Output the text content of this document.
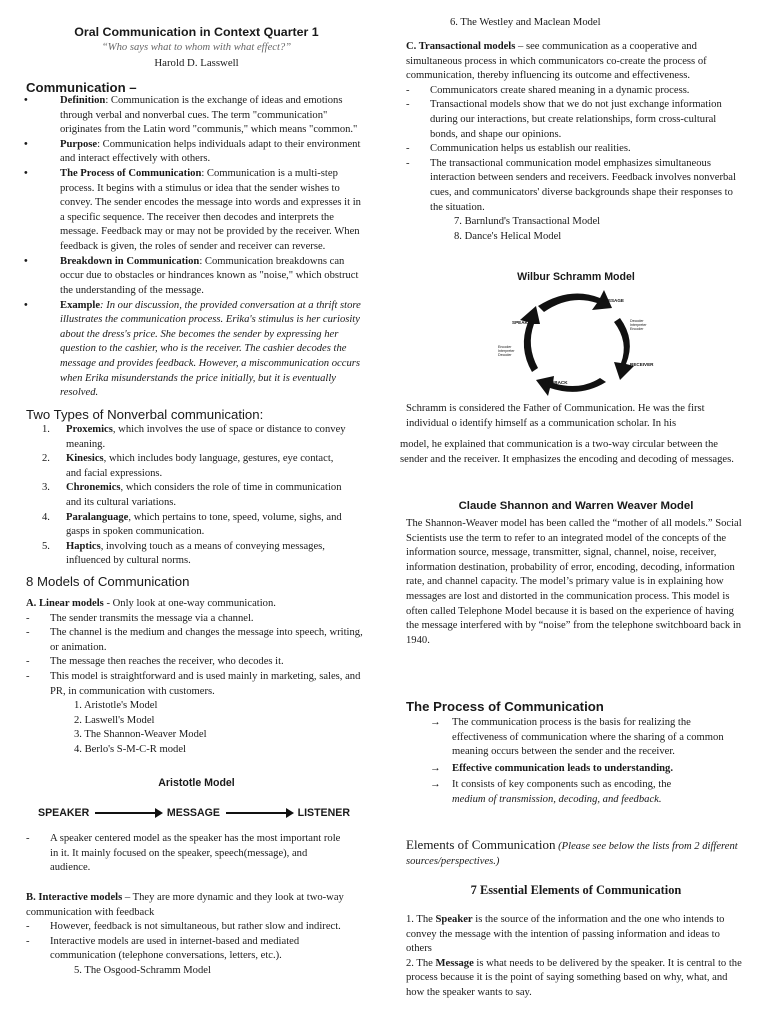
Oral Communication in Context Quarter 1
“Who says what to whom with what effect?”
Harold D. Lasswell
Communication –
• Definition: Communication is the exchange of ideas and emotions through verbal and nonverbal cues. The term "communication" originates from the Latin word "communis," which means "common."
• Purpose: Communication helps individuals adapt to their environment and interact effectively with others.
• The Process of Communication: Communication is a multi-step process. It begins with a stimulus or idea that the sender wishes to convey. The sender encodes the message into words and expresses it in a specific sequence. The receiver then decodes and interprets the message. Feedback may or may not be provided by the receiver. When feedback is given, the roles of sender and receiver can reverse.
• Breakdown in Communication: Communication breakdowns can occur due to obstacles or hindrances known as "noise," which obstruct the understanding of the message.
• Example: In our discussion, the provided conversation at a thrift store illustrates the communication process. Erika's stimulus is her curiosity about the dress's price. She becomes the sender by expressing her question to the cashier, who is the receiver. The cashier decodes the message and provides feedback. However, a miscommunication occurs when Erika misunderstands the price initially, but it is eventually resolved.
Two Types of Nonverbal communication:
1. Proxemics, which involves the use of space or distance to convey meaning.
2. Kinesics, which includes body language, gestures, eye contact, and facial expressions.
3. Chronemics, which considers the role of time in communication and its cultural variations.
4. Paralanguage, which pertains to tone, speed, volume, sighs, and gasps in spoken communication.
5. Haptics, involving touch as a means of conveying messages, influenced by cultural norms.
8 Models of Communication
A. Linear models - Only look at one-way communication.
- The sender transmits the message via a channel.
- The channel is the medium and changes the message into speech, writing, or animation.
- The message then reaches the receiver, who decodes it.
- This model is straightforward and is used mainly in marketing, sales, and PR, in communication with customers.
1. Aristotle's Model
2. Laswell's Model
3. The Shannon-Weaver Model
4. Berlo's S-M-C-R model
Aristotle Model
SPEAKER	MESSAGE	LISTENER
- A speaker centered model as the speaker has the most important role in it. It mainly focused on the speaker, speech(message), and audience.
B. Interactive models – They are more dynamic and they look at two-way communication with feedback
- However, feedback is not simultaneous, but rather slow and indirect.
- Interactive models are used in internet-based and mediated communication (telephone conversations, letters, etc.).
5. The Osgood-Schramm Model
6. The Westley and Maclean Model
C. Transactional models – see communication as a cooperative and simultaneous process in which communicators co-create the process of communication, thereby influencing its outcome and effectiveness.
- Communicators create shared meaning in a dynamic process.
- Transactional models show that we do not just exchange information during our interactions, but create relationships, form cross-cultural bonds, and shape our opinions.
- Communication helps us establish our realities.
- The transactional communication model emphasizes simultaneous interaction between senders and receivers. Feedback involves nonverbal cues, and communicators' diverse backgrounds shape their responses to the situation.
7. Barnlund's Transactional Model
8. Dance's Helical Model
Wilbur Schramm Model
MESSAGE
RECEIVER
FEEDBACK
SPEAKER	Decoder
Interpreter
Encoder
Encoder
Interpreter
Decoder
Schramm is considered the Father of Communication. He was the first individual o identify himself as a communication scholar. In his
model, he explained that communication is a two-way circular between the sender and the receiver. It emphasizes the encoding and decoding of messages.
Claude Shannon and Warren Weaver Model
The Shannon-Weaver model has been called the “mother of all models.” Social Scientists use the term to refer to an integrated model of the concepts of the information source, message, transmitter, signal, channel, noise, receiver, information destination, probability of error, encoding, decoding, information rate, and channel capacity. The model’s primary value is in explaining how messages are lost and distorted in the communication process. This model is often called Telephone Model because it is based on the experience of having the message interfered with by “noise” from the telephone switchboard back in 1940.
The Process of Communication
→ The communication process is the basis for realizing the effectiveness of communication where the sharing of a common meaning occurs between the sender and the receiver.
→ Effective communication leads to understanding.
→ It consists of key components such as encoding, the
medium of transmission, decoding, and feedback.
Elements of Communication (Please see below the lists from 2 different sources/perspectives.)
7 Essential Elements of Communication
1. The Speaker is the source of the information and the one who intends to convey the message with the intention of passing information and ideas to others
2. The Message is what needs to be delivered by the speaker. It is central to the process because it is the point of saying something based on why, what, and how the speaker wants to say.
